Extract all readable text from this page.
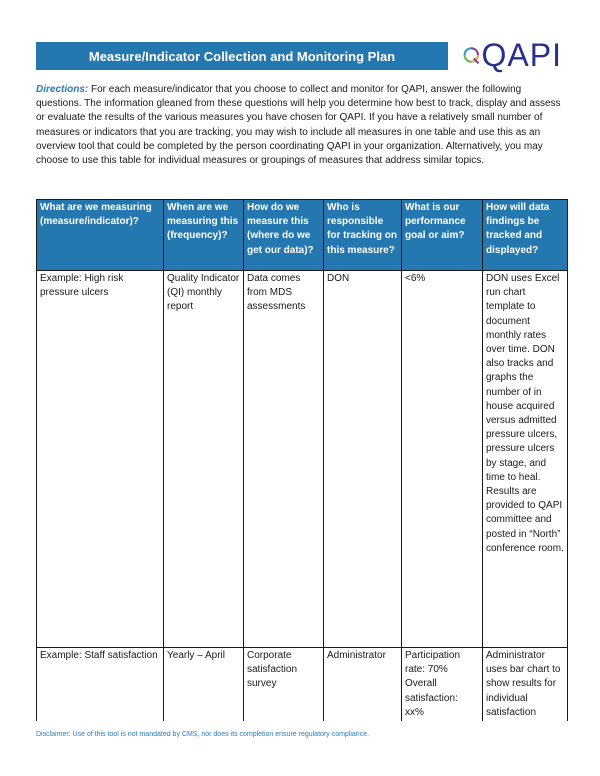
Measure/Indicator Collection and Monitoring Plan	QAPI
Directions: For each measure/indicator that you choose to collect and monitor for QAPI, answer the following questions. The information gleaned from these questions will help you determine how best to track, display and assess or evaluate the results of the various measures you have chosen for QAPI. If you have a relatively small number of measures or indicators that you are tracking, you may wish to include all measures in one table and use this as an overview tool that could be completed by the person coordinating QAPI in your organization. Alternatively, you may choose to use this table for individual measures or groupings of measures that address similar topics.
What are we measuring (measure/indicator)?	When are we measuring this (frequency)?	How do we measure this (where do we get our data)?	Who is responsible for tracking on this measure?	What is our performance goal or aim?	How will data findings be tracked and displayed?
Example: High risk pressure ulcers	Quality Indicator (QI) monthly report	Data comes from MDS assessments	DON	<6%	DON uses Excel run chart template to document monthly rates over time. DON also tracks and graphs the number of in house acquired versus admitted pressure ulcers, pressure ulcers by stage, and time to heal. Results are provided to QAPI committee and posted in “North” conference room.
Example: Staff satisfaction	Yearly – April	Corporate satisfaction survey	Administrator	Participation rate: 70% Overall satisfaction: xx%	Administrator uses bar chart to show results for individual satisfaction
Disclaimer: Use of this tool is not mandated by CMS, nor does its completion ensure regulatory compliance.
